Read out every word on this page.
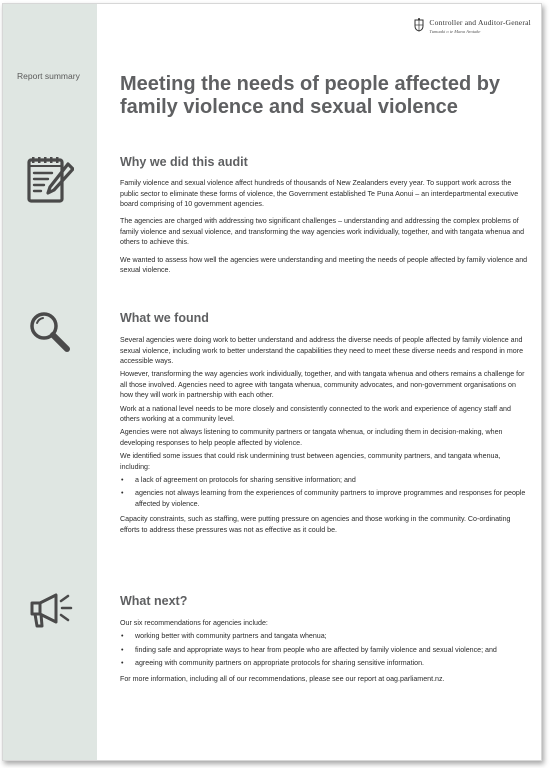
Report summary
Controller and Auditor-General
Tumuaki o te Mana Arotake
Meeting the needs of people affected by family violence and sexual violence
Why we did this audit

Family violence and sexual violence affect hundreds of thousands of New Zealanders every year. To support work across the public sector to eliminate these forms of violence, the Government established Te Puna Aonui – an interdepartmental executive board comprising of 10 government agencies.

The agencies are charged with addressing two significant challenges – understanding and addressing the complex problems of family violence and sexual violence, and transforming the way agencies work individually, together, and with tangata whenua and others to achieve this.

We wanted to assess how well the agencies were understanding and meeting the needs of people affected by family violence and sexual violence.

What we found

Several agencies were doing work to better understand and address the diverse needs of people affected by family violence and sexual violence, including work to better understand the capabilities they need to meet these diverse needs and respond in more accessible ways.

However, transforming the way agencies work individually, together, and with tangata whenua and others remains a challenge for all those involved. Agencies need to agree with tangata whenua, community advocates, and non-government organisations on how they will work in partnership with each other.

Work at a national level needs to be more closely and consistently connected to the work and experience of agency staff and others working at a community level.

Agencies were not always listening to community partners or tangata whenua, or including them in decision-making, when developing responses to help people affected by violence.

We identified some issues that could risk undermining trust between agencies, community partners, and tangata whenua, including:

• a lack of agreement on protocols for sharing sensitive information; and
• agencies not always learning from the experiences of community partners to improve programmes and responses for people affected by violence.

Capacity constraints, such as staffing, were putting pressure on agencies and those working in the community. Co-ordinating efforts to address these pressures was not as effective as it could be.

What next?

Our six recommendations for agencies include:

• working better with community partners and tangata whenua;
• finding safe and appropriate ways to hear from people who are affected by family violence and sexual violence; and
• agreeing with community partners on appropriate protocols for sharing sensitive information.

For more information, including all of our recommendations, please see our report at oag.parliament.nz.
